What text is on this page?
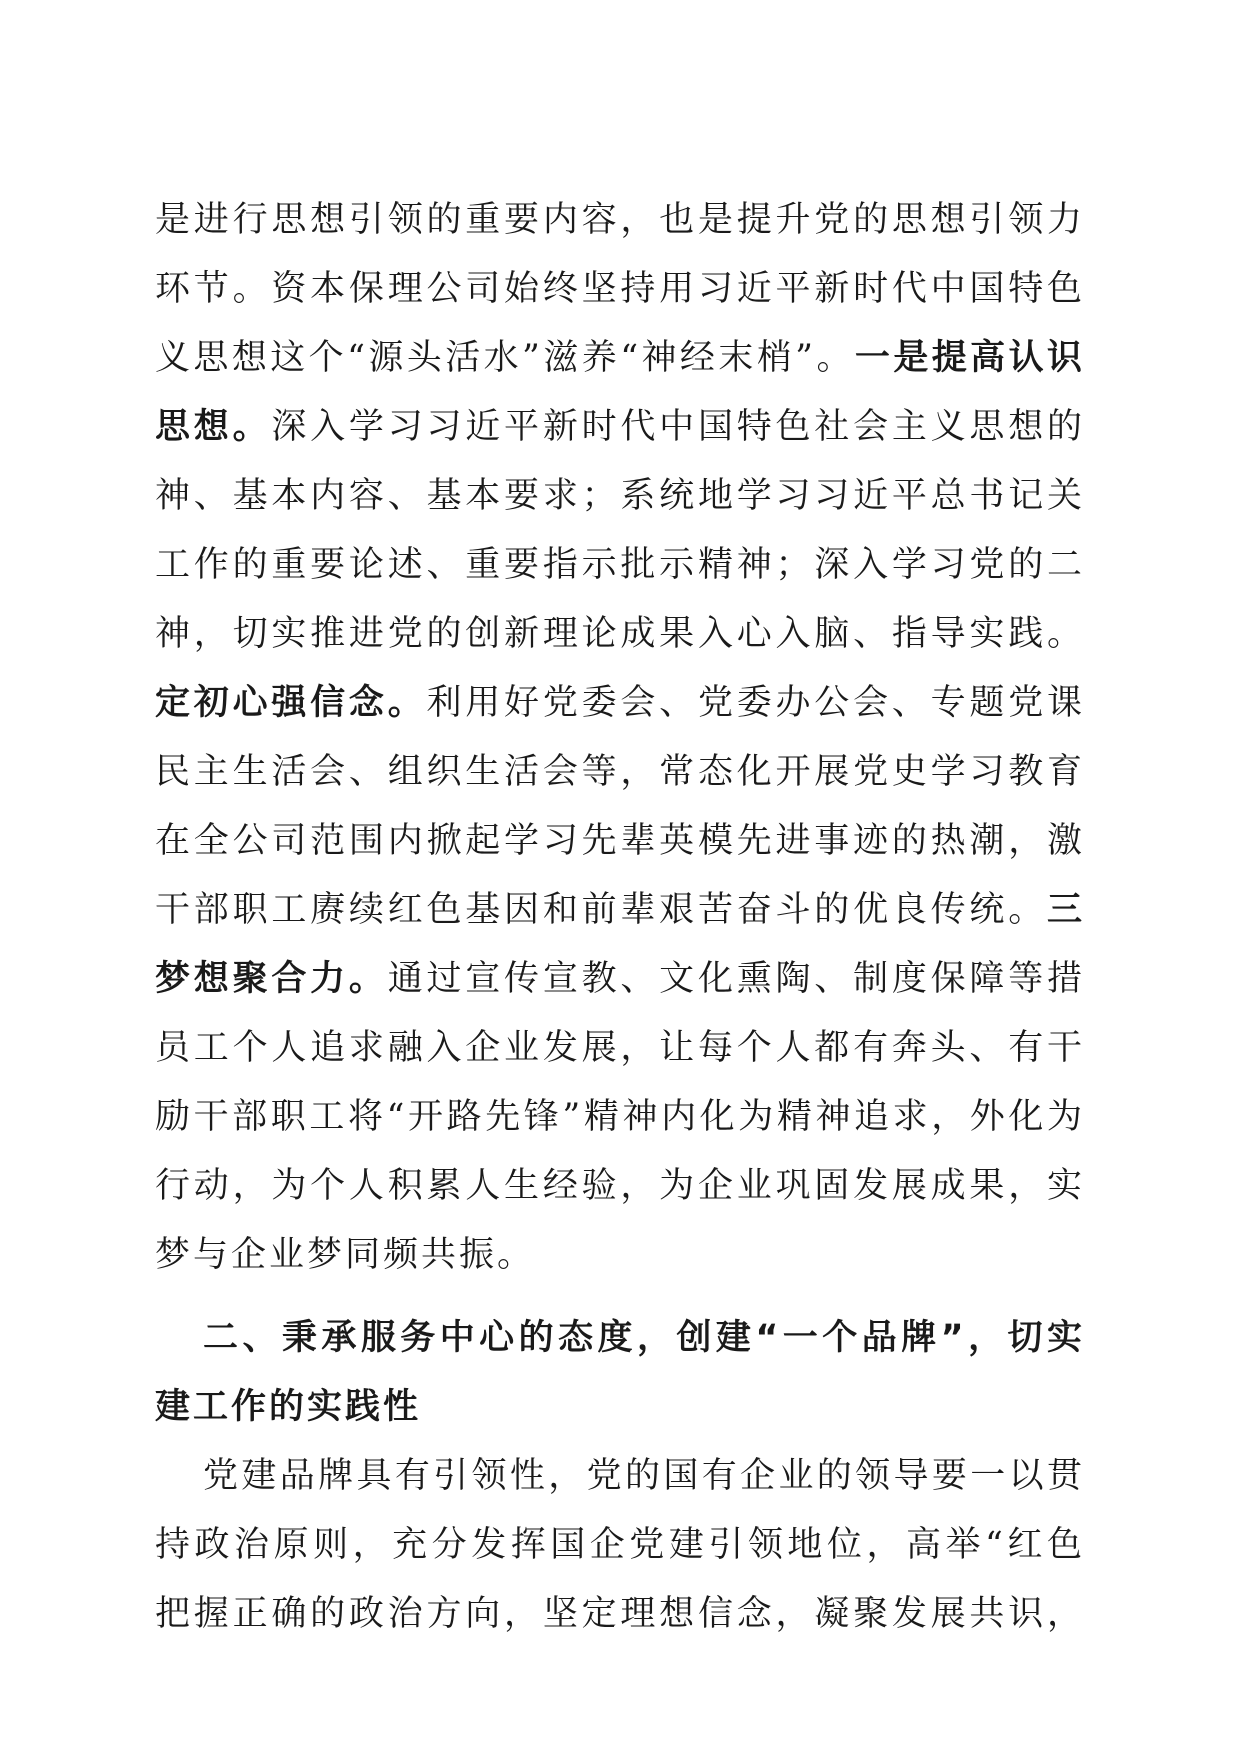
是进行思想引领的重要内容，也是提升党的思想引领力
环节。资本保理公司始终坚持用习近平新时代中国特色
义思想这个“源头活水”滋养“神经末梢”。一是提高认识
思想。深入学习习近平新时代中国特色社会主义思想的
神、基本内容、基本要求；系统地学习习近平总书记关
工作的重要论述、重要指示批示精神；深入学习党的二
神，切实推进党的创新理论成果入心入脑、指导实践。
定初心强信念。利用好党委会、党委办公会、专题党课
民主生活会、组织生活会等，常态化开展党史学习教育
在全公司范围内掀起学习先辈英模先进事迹的热潮，激
干部职工赓续红色基因和前辈艰苦奋斗的优良传统。三
梦想聚合力。通过宣传宣教、文化熏陶、制度保障等措
员工个人追求融入企业发展，让每个人都有奔头、有干
励干部职工将“开路先锋”精神内化为精神追求，外化为
行动，为个人积累人生经验，为企业巩固发展成果，实
梦与企业梦同频共振。
二、秉承服务中心的态度，创建“一个品牌”，切实
建工作的实践性
党建品牌具有引领性，党的国有企业的领导要一以贯
持政治原则，充分发挥国企党建引领地位，高举“红色
把握正确的政治方向，坚定理想信念，凝聚发展共识，
